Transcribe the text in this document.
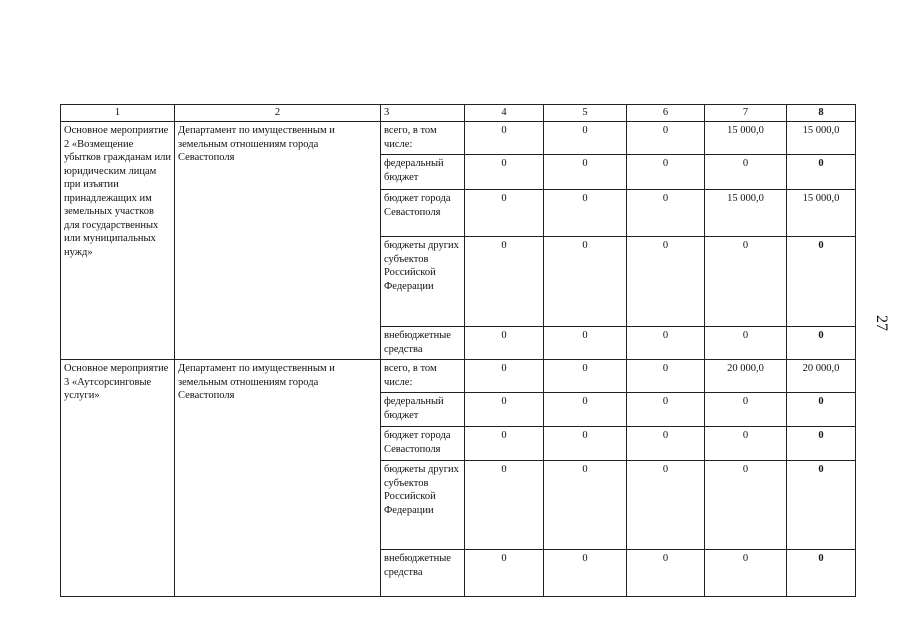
1	2	3	4	5	6	7	8
Основное мероприятие 2 «Возмещение убытков гражданам или юридическим лицам при изъятии принадлежащих им земельных участков для государственных или муниципальных нужд»	Департамент по имущественным и земельным отношениям города Севастополя	всего, в том числе:	0	0	0	15 000,0	15 000,0
		федеральный бюджет	0	0	0	0	0
		бюджет города Севастополя	0	0	0	15 000,0	15 000,0
		бюджеты других субъектов Российской Федерации	0	0	0	0	0
		внебюджетные средства	0	0	0	0	0
Основное мероприятие 3 «Аутсорсинговые услуги»	Департамент по имущественным и земельным отношениям города Севастополя	всего, в том числе:	0	0	0	20 000,0	20 000,0
		федеральный бюджет	0	0	0	0	0
		бюджет города Севастополя	0	0	0	0	0
		бюджеты других субъектов Российской Федерации	0	0	0	0	0
		внебюджетные средства	0	0	0	0	0
27
